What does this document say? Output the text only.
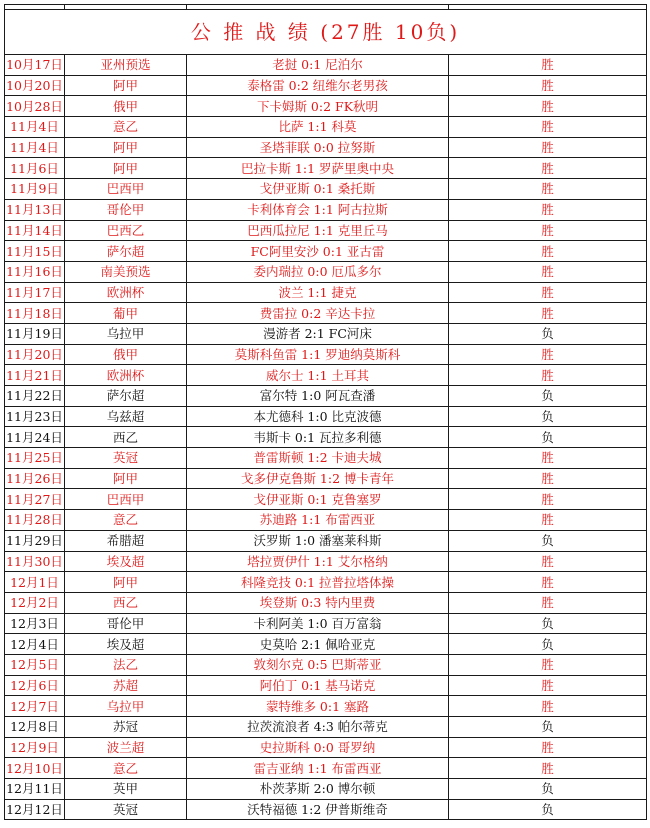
公 推 战 绩 (27胜 10负)			
10月17日	亚州预选	老挝 0:1 尼泊尔	胜
10月20日	阿甲	泰格雷 0:2 纽维尔老男孩	胜
10月28日	俄甲	下卡姆斯 0:2 FK秋明	胜
11月4日	意乙	比萨 1:1 科莫	胜
11月4日	阿甲	圣塔菲联 0:0 拉努斯	胜
11月6日	阿甲	巴拉卡斯 1:1 罗萨里奥中央	胜
11月9日	巴西甲	戈伊亚斯 0:1 桑托斯	胜
11月13日	哥伦甲	卡利体育会 1:1 阿古拉斯	胜
11月14日	巴西乙	巴西瓜拉尼 1:1 克里丘马	胜
11月15日	萨尔超	FC阿里安沙 0:1 亚古雷	胜
11月16日	南美预选	委内瑞拉 0:0 厄瓜多尔	胜
11月17日	欧洲杯	波兰 1:1 捷克	胜
11月18日	葡甲	费雷拉 0:2 辛达卡拉	胜
11月19日	乌拉甲	漫游者 2:1 FC河床	负
11月20日	俄甲	莫斯科鱼雷 1:1 罗迪纳莫斯科	胜
11月21日	欧洲杯	威尔士 1:1 土耳其	胜
11月22日	萨尔超	富尔特 1:0 阿瓦查潘	负
11月23日	乌兹超	本尤德科 1:0 比克波德	负
11月24日	西乙	韦斯卡 0:1 瓦拉多利德	负
11月25日	英冠	普雷斯顿 1:2 卡迪夫城	胜
11月26日	阿甲	戈多伊克鲁斯 1:2 博卡青年	胜
11月27日	巴西甲	戈伊亚斯 0:1 克鲁塞罗	胜
11月28日	意乙	苏迪路 1:1 布雷西亚	胜
11月29日	希腊超	沃罗斯 1:0 潘塞莱科斯	负
11月30日	埃及超	塔拉贾伊什 1:1 艾尔格纳	胜
12月1日	阿甲	科隆竞技 0:1 拉普拉塔体操	胜
12月2日	西乙	埃登斯 0:3 特内里费	胜
12月3日	哥伦甲	卡利阿美 1:0 百万富翁	负
12月4日	埃及超	史莫哈 2:1 佩哈亚克	负
12月5日	法乙	敦刻尔克 0:5 巴斯蒂亚	胜
12月6日	苏超	阿伯丁 0:1 基马诺克	胜
12月7日	乌拉甲	蒙特维多 0:1 塞路	胜
12月8日	苏冠	拉茨流浪者 4:3 帕尔蒂克	负
12月9日	波兰超	史拉斯科 0:0 哥罗纳	胜
12月10日	意乙	雷吉亚纳 1:1 布雷西亚	胜
12月11日	英甲	朴茨茅斯 2:0 博尔顿	负
12月12日	英冠	沃特福德 1:2 伊普斯维奇	负
